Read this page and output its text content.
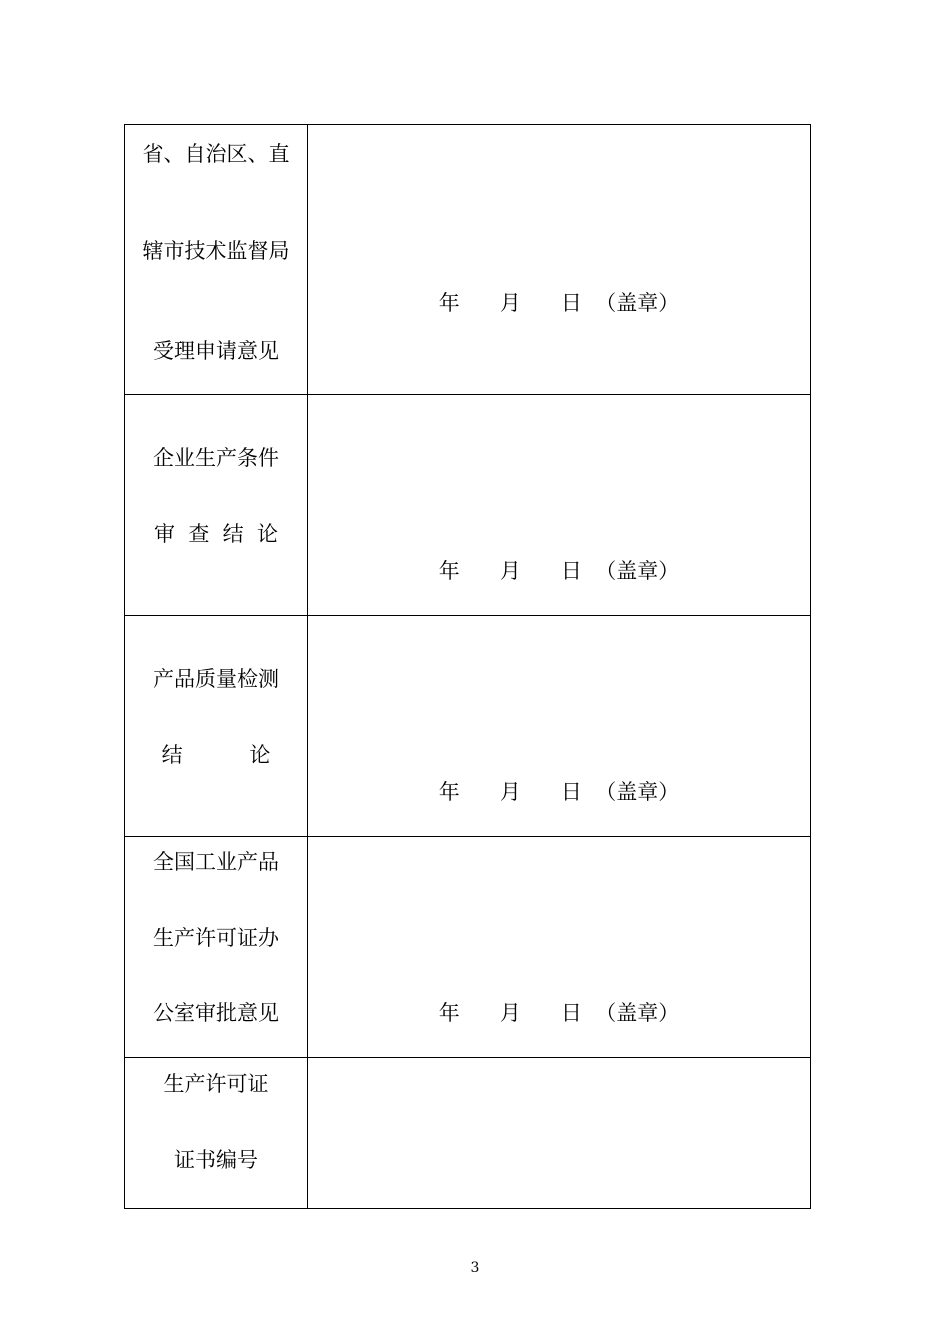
省、自治区、直
辖市技术监督局
受理申请意见	年      月      日  （盖章）

企业生产条件
审  查  结  论	年      月      日  （盖章）

产品质量检测
结          论	年      月      日  （盖章）

全国工业产品
生产许可证办
公室审批意见	年      月      日  （盖章）

生产许可证
证书编号	

3
